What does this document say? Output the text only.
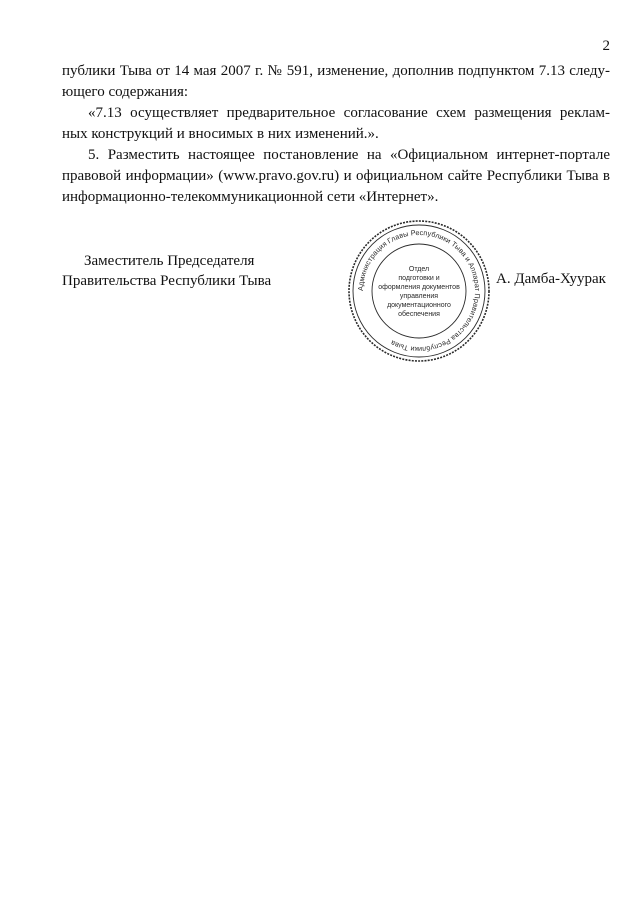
2
публики Тыва от 14 мая 2007 г. № 591, изменение, дополнив подпунктом 7.13 следу-
ющего содержания:
«7.13 осуществляет предварительное согласование схем размещения реклам-
ных конструкций и вносимых в них изменений.».
5. Разместить настоящее постановление на «Официальном интернет-портале
правовой информации» (www.pravo.gov.ru) и официальном сайте Республики Тыва в
информационно-телекоммуникационной сети «Интернет».
Заместитель Председателя
Правительства Республики Тыва	Администрация Главы Республики Тыва и Аппарат Правительства Республики Тыва
Отдел
подготовки и
оформления документов
управления
документационного
обеспечения
А. Дамба-Хуурак
